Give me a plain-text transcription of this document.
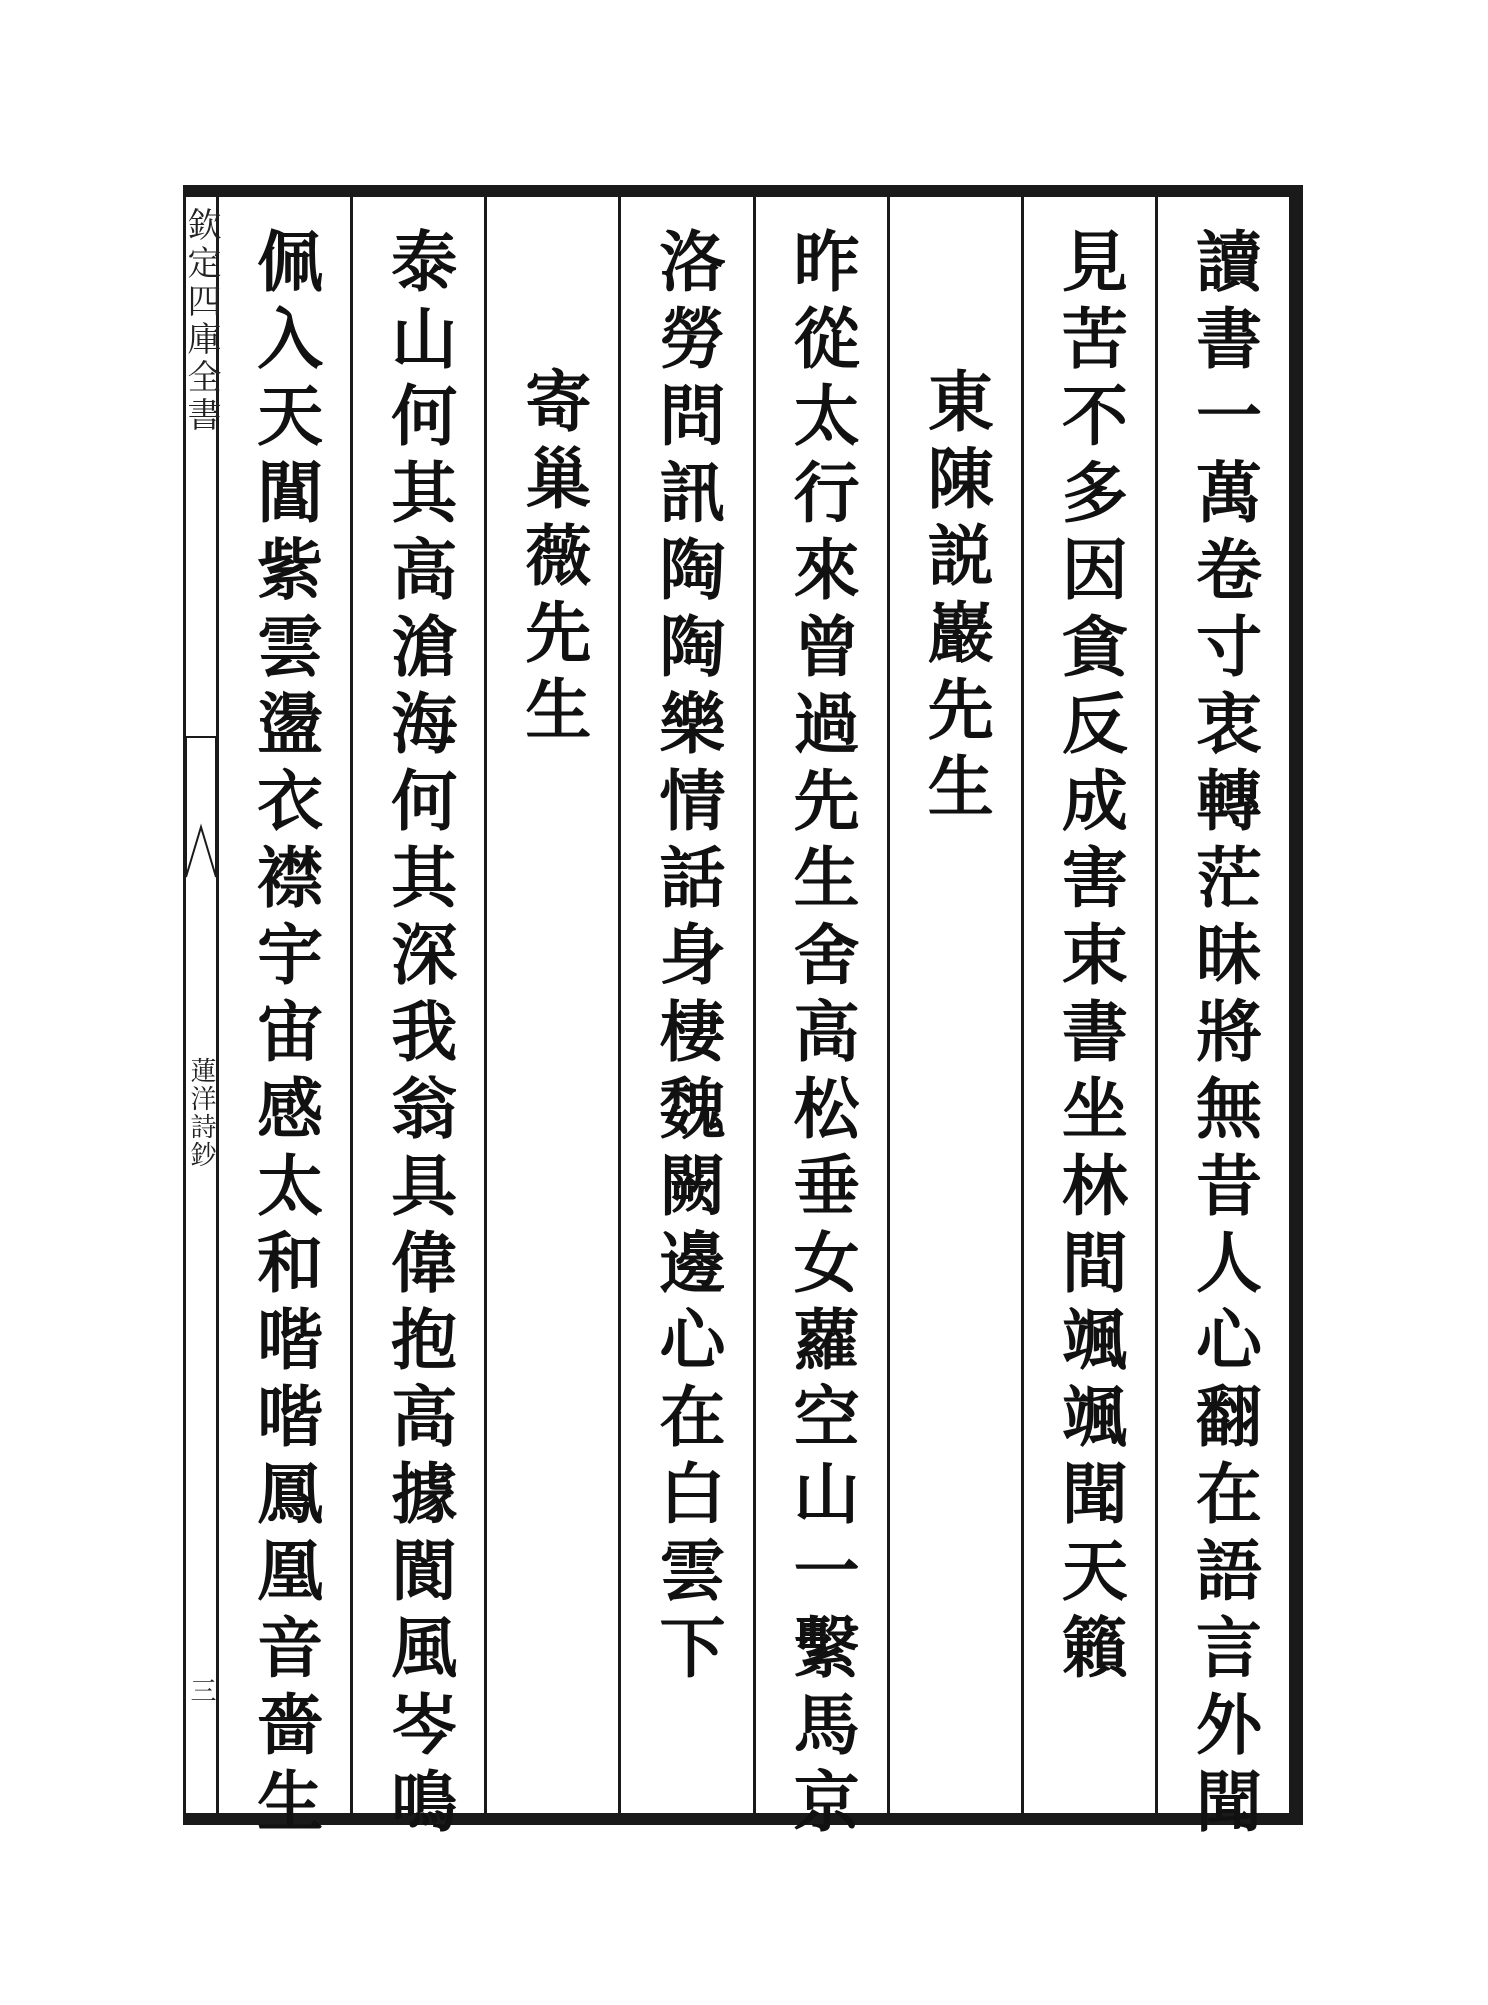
欽定四庫全書
蓮洋詩鈔
三	讀書一萬卷寸衷轉茫昧將無昔人心翻在語言外聞
見苦不多因貪反成害束書坐林間颯颯聞天籟
東陳説巖先生
昨從太行來曾過先生舍高松垂女蘿空山一繫馬京
洛勞問訊陶陶樂情話身棲魏闕邊心在白雲下
寄巢薇先生
泰山何其高滄海何其深我翁具偉抱高據閬風岑鳴
佩入天閶紫雲盪衣襟宇宙感太和喈喈鳳凰音嗇生
